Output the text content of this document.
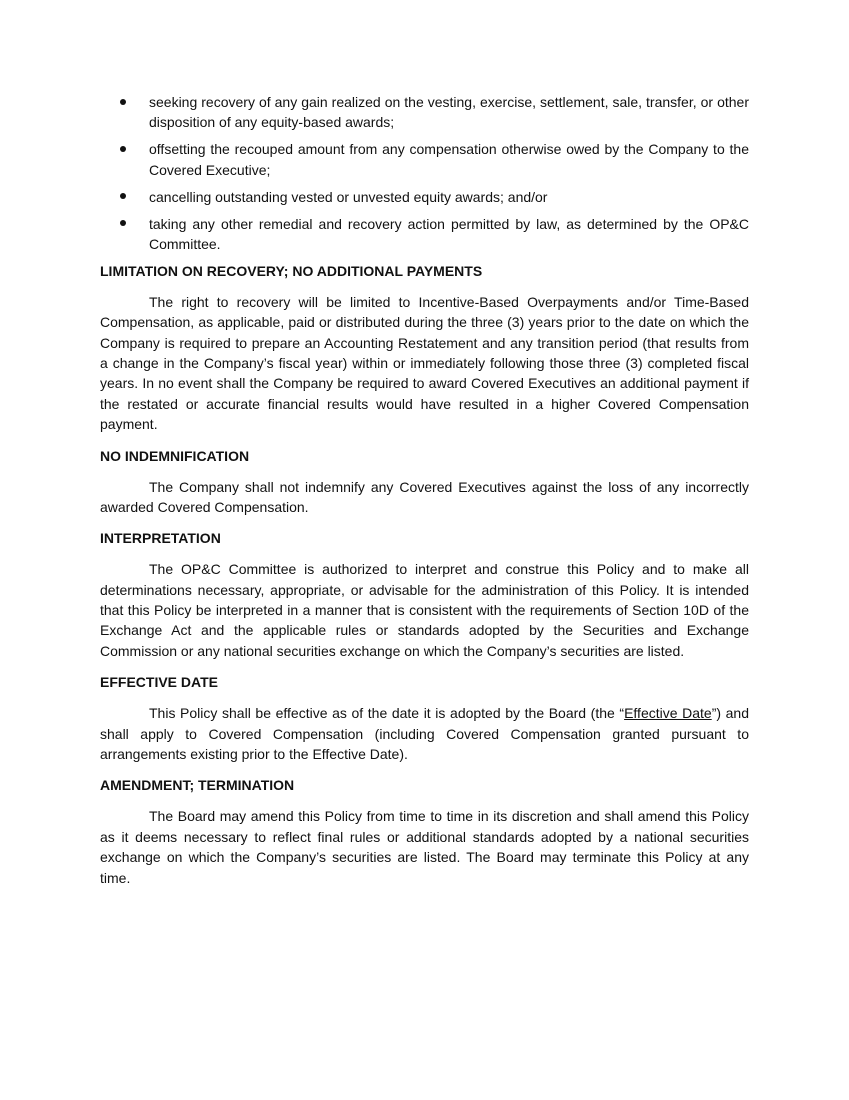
seeking recovery of any gain realized on the vesting, exercise, settlement, sale, transfer, or other disposition of any equity-based awards;
offsetting the recouped amount from any compensation otherwise owed by the Company to the Covered Executive;
cancelling outstanding vested or unvested equity awards; and/or
taking any other remedial and recovery action permitted by law, as determined by the OP&C Committee.
LIMITATION ON RECOVERY; NO ADDITIONAL PAYMENTS

The right to recovery will be limited to Incentive-Based Overpayments and/or Time-Based Compensation, as applicable, paid or distributed during the three (3) years prior to the date on which the Company is required to prepare an Accounting Restatement and any transition period (that results from a change in the Company’s fiscal year) within or immediately following those three (3) completed fiscal years. In no event shall the Company be required to award Covered Executives an additional payment if the restated or accurate financial results would have resulted in a higher Covered Compensation payment.

NO INDEMNIFICATION

The Company shall not indemnify any Covered Executives against the loss of any incorrectly awarded Covered Compensation.

INTERPRETATION

The OP&C Committee is authorized to interpret and construe this Policy and to make all determinations necessary, appropriate, or advisable for the administration of this Policy. It is intended that this Policy be interpreted in a manner that is consistent with the requirements of Section 10D of the Exchange Act and the applicable rules or standards adopted by the Securities and Exchange Commission or any national securities exchange on which the Company’s securities are listed.

EFFECTIVE DATE

This Policy shall be effective as of the date it is adopted by the Board (the “Effective Date”) and shall apply to Covered Compensation (including Covered Compensation granted pursuant to arrangements existing prior to the Effective Date).

AMENDMENT; TERMINATION

The Board may amend this Policy from time to time in its discretion and shall amend this Policy as it deems necessary to reflect final rules or additional standards adopted by a national securities exchange on which the Company’s securities are listed. The Board may terminate this Policy at any time.
